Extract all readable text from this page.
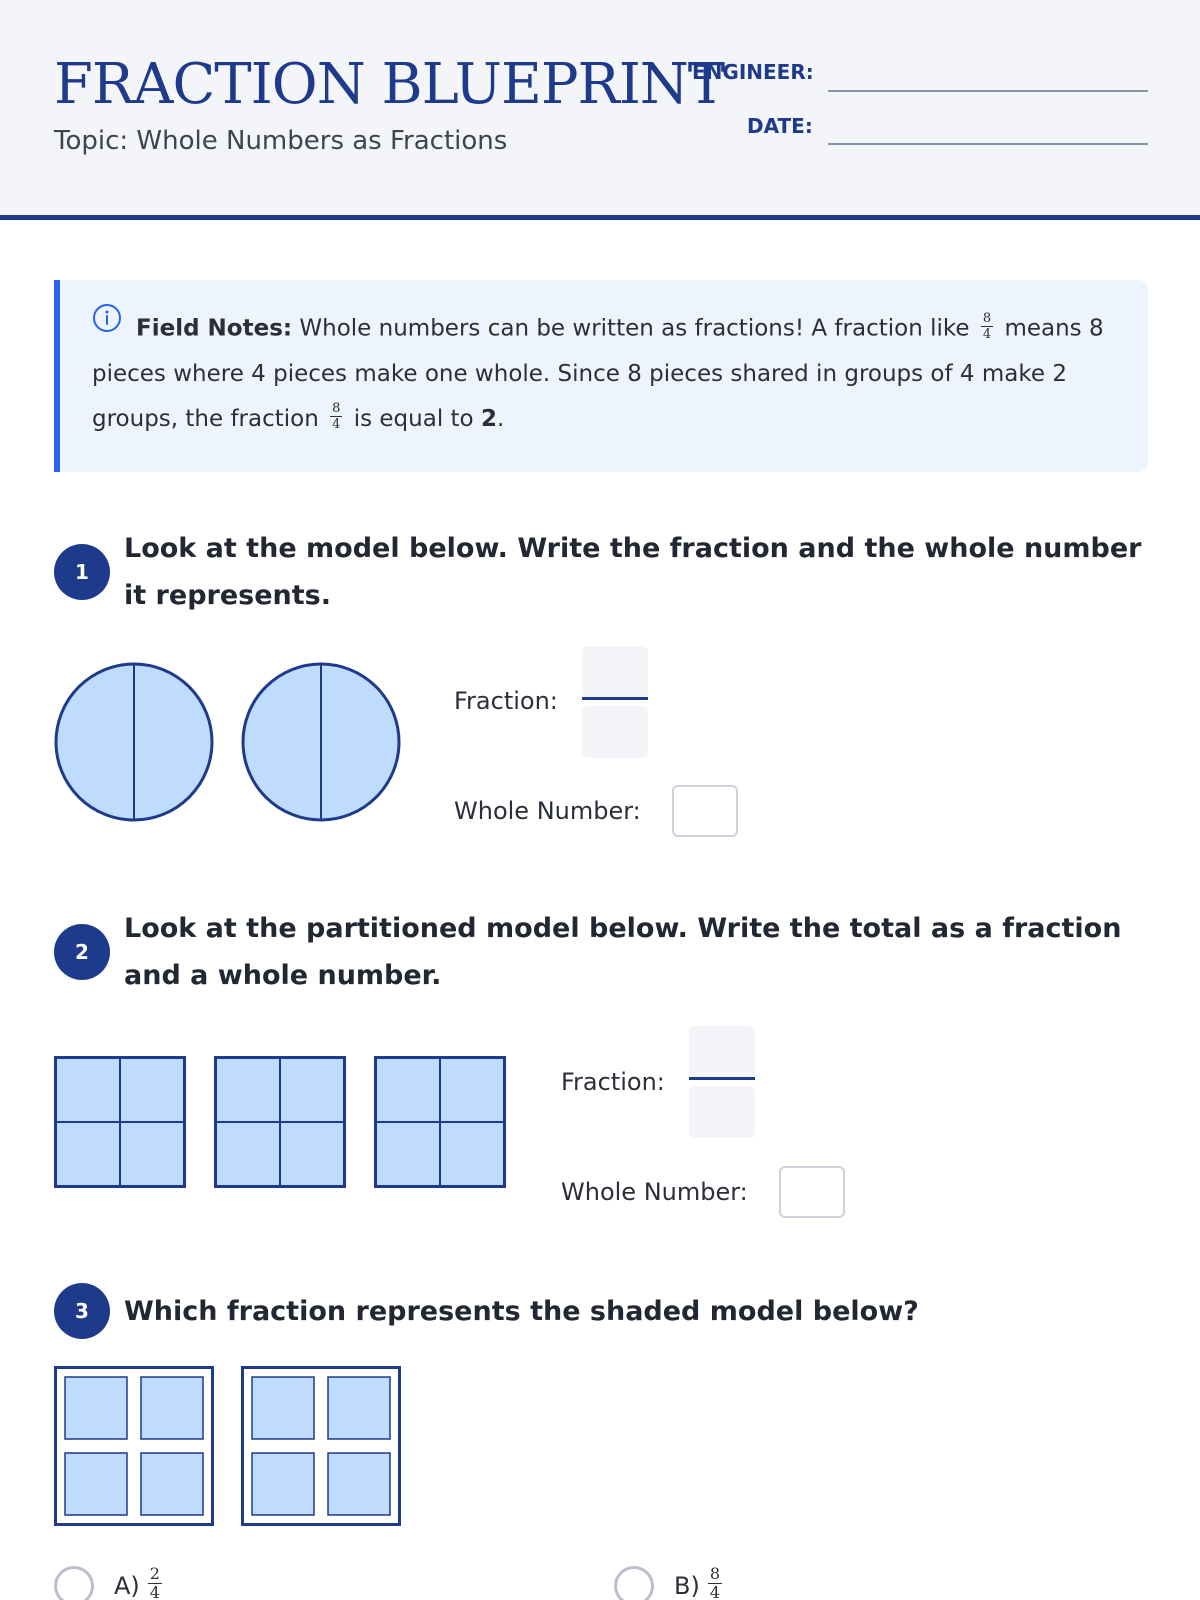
FRACTION BLUEPRINT
Topic: Whole Numbers as Fractions
ENGINEER:
DATE:
Field Notes: Whole numbers can be written as fractions! A fraction like $\frac{8}{4}$ means 8 pieces where 4 pieces make one whole. Since 8 pieces shared in groups of 4 make 2 groups, the fraction $\frac{8}{4}$ is equal to 2.
1
Look at the model below. Write the fraction and the whole number it represents.
Fraction:
Whole Number:
2
Look at the partitioned model below. Write the total as a fraction and a whole number.
Fraction:
Whole Number:
3	Which fraction represents the shaded model below?
$A) \frac{2}{4}$	$B) \frac{8}{4}$
